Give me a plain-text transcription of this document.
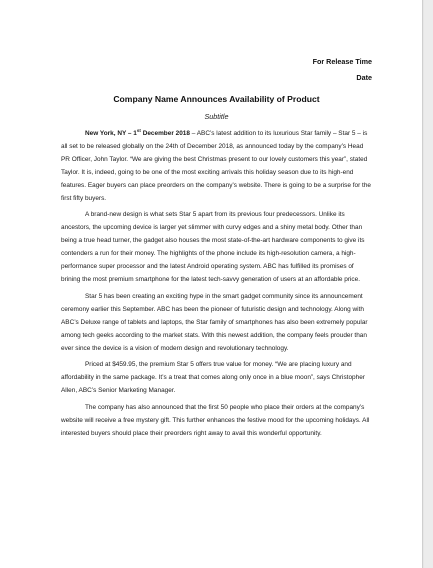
For Release Time
Date
Company Name Announces Availability of Product
Subtitle

New York, NY – 1st December 2018 – ABC’s latest addition to its luxurious Star family – Star 5 – is all set to be released globally on the 24th of December 2018, as announced today by the company’s Head PR Officer, John Taylor. “We are giving the best Christmas present to our lovely customers this year”, stated Taylor. It is, indeed, going to be one of the most exciting arrivals this holiday season due to its high-end features. Eager buyers can place preorders on the company’s website. There is going to be a surprise for the first fifty buyers.

A brand-new design is what sets Star 5 apart from its previous four predecessors. Unlike its ancestors, the upcoming device is larger yet slimmer with curvy edges and a shiny metal body. Other than being a true head turner, the gadget also houses the most state-of-the-art hardware components to give its contenders a run for their money. The highlights of the phone include its high-resolution camera, a high-performance super processor and the latest Android operating system. ABC has fulfilled its promises of brining the most premium smartphone for the latest tech-savvy generation of users at an affordable price.

Star 5 has been creating an exciting hype in the smart gadget community since its announcement ceremony earlier this September. ABC has been the pioneer of futuristic design and technology. Along with ABC’s Deluxe range of tablets and laptops, the Star family of smartphones has also been extremely popular among tech geeks according to the market stats. With this newest addition, the company feels prouder than ever since the device is a vision of modern design and revolutionary technology.

Priced at $459.95, the premium Star 5 offers true value for money. “We are placing luxury and affordability in the same package. It’s a treat that comes along only once in a blue moon”, says Christopher Allen, ABC’s Senior Marketing Manager.

The company has also announced that the first 50 people who place their orders at the company’s website will receive a free mystery gift. This further enhances the festive mood for the upcoming holidays. All interested buyers should place their preorders right away to avail this wonderful opportunity.
